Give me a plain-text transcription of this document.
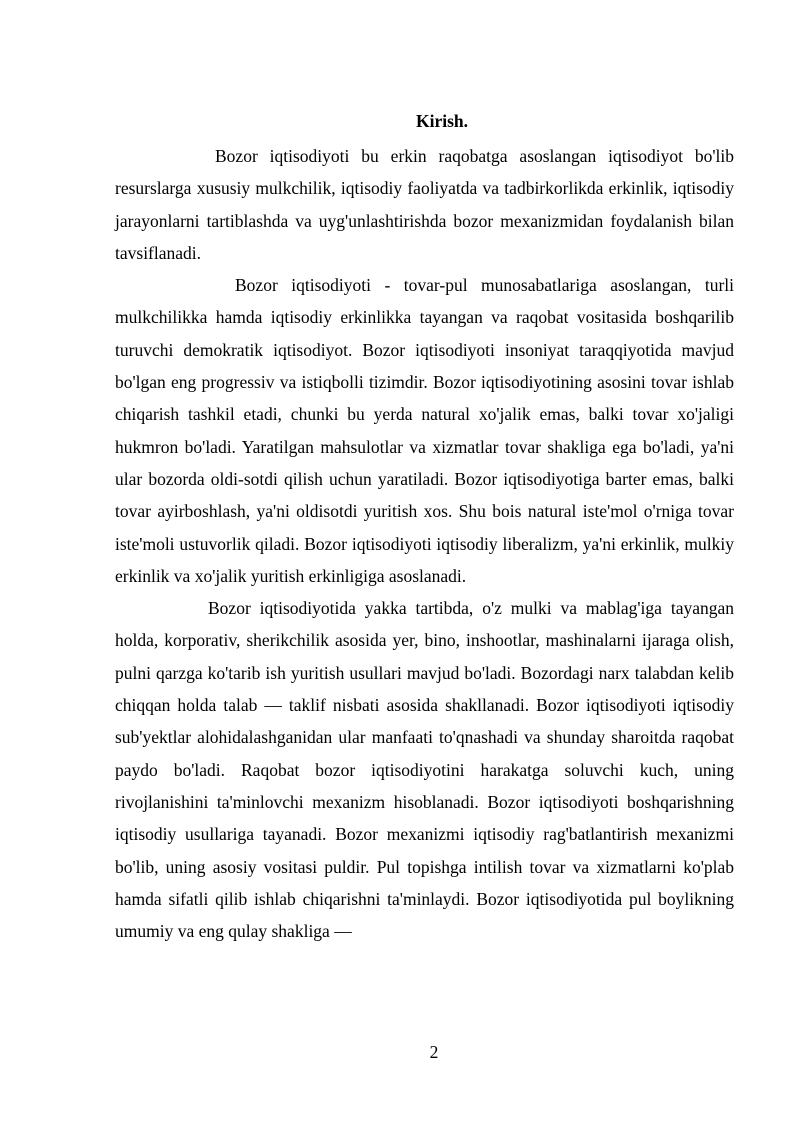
Kirish.

Bozor iqtisodiyoti bu erkin raqobatga asoslangan iqtisodiyot bo'lib resurslarga xususiy mulkchilik, iqtisodiy faoliyatda va tadbirkorlikda erkinlik, iqtisodiy jarayonlarni tartiblashda va uyg'unlashtirishda bozor mexanizmidan foydalanish bilan tavsiflanadi.

Bozor iqtisodiyoti - tovar-pul munosabatlariga asoslangan, turli mulkchilikka hamda iqtisodiy erkinlikka tayangan va raqobat vositasida boshqarilib turuvchi demokratik iqtisodiyot. Bozor iqtisodiyoti insoniyat taraqqiyotida mavjud bo'lgan eng progressiv va istiqbolli tizimdir. Bozor iqtisodiyotining asosini tovar ishlab chiqarish tashkil etadi, chunki bu yerda natural xo'jalik emas, balki tovar xo'jaligi hukmron bo'ladi. Yaratilgan mahsulotlar va xizmatlar tovar shakliga ega bo'ladi, ya'ni ular bozorda oldi-sotdi qilish uchun yaratiladi. Bozor iqtisodiyotiga barter emas, balki tovar ayirboshlash, ya'ni oldisotdi yuritish xos. Shu bois natural iste'mol o'rniga tovar iste'moli ustuvorlik qiladi. Bozor iqtisodiyoti iqtisodiy liberalizm, ya'ni erkinlik, mulkiy erkinlik va xo'jalik yuritish erkinligiga asoslanadi.

Bozor iqtisodiyotida yakka tartibda, o'z mulki va mablag'iga tayangan holda, korporativ, sherikchilik asosida yer, bino, inshootlar, mashinalarni ijaraga olish, pulni qarzga ko'tarib ish yuritish usullari mavjud bo'ladi. Bozordagi narx talabdan kelib chiqqan holda talab — taklif nisbati asosida shakllanadi. Bozor iqtisodiyoti iqtisodiy sub'yektlar alohidalashganidan ular manfaati to'qnashadi va shunday sharoitda raqobat paydo bo'ladi. Raqobat bozor iqtisodiyotini harakatga soluvchi kuch, uning rivojlanishini ta'minlovchi mexanizm hisoblanadi. Bozor iqtisodiyoti boshqarishning iqtisodiy usullariga tayanadi. Bozor mexanizmi iqtisodiy rag'batlantirish mexanizmi bo'lib, uning asosiy vositasi puldir. Pul topishga intilish tovar va xizmatlarni ko'plab hamda sifatli qilib ishlab chiqarishni ta'minlaydi. Bozor iqtisodiyotida pul boylikning umumiy va eng qulay shakliga —

2
